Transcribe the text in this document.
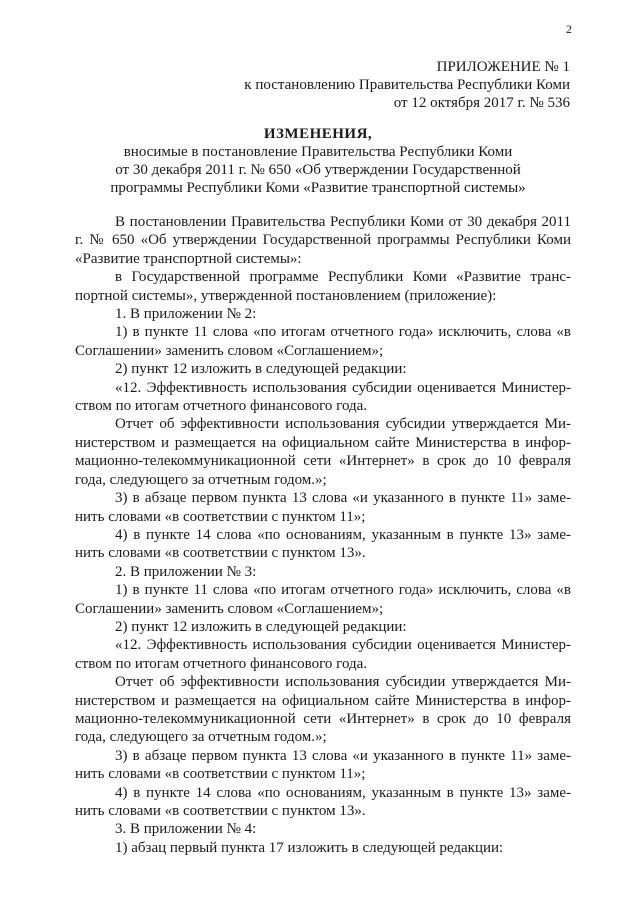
2
ПРИЛОЖЕНИЕ № 1
к постановлению Правительства Республики Коми
от 12 октября 2017 г. № 536
ИЗМЕНЕНИЯ,
вносимые в постановление Правительства Республики Коми
от 30 декабря 2011 г. № 650 «Об утверждении Государственной
программы Республики Коми «Развитие транспортной системы»

В постановлении Правительства Республики Коми от 30 декабря 2011 г. № 650 «Об утверждении Государственной программы Республики Коми «Развитие транспортной системы»:

в Государственной программе Республики Коми «Развитие транс-портной системы», утвержденной постановлением (приложение):

1. В приложении № 2:

1) в пункте 11 слова «по итогам отчетного года» исключить, слова «в Соглашении» заменить словом «Соглашением»;

2) пункт 12 изложить в следующей редакции:

«12. Эффективность использования субсидии оценивается Министер-ством по итогам отчетного финансового года.

Отчет об эффективности использования субсидии утверждается Ми-нистерством и размещается на официальном сайте Министерства в инфор-мационно-телекоммуникационной сети «Интернет» в срок до 10 февраля года, следующего за отчетным годом.»;

3) в абзаце первом пункта 13 слова «и указанного в пункте 11» заме-нить словами «в соответствии с пунктом 11»;

4) в пункте 14 слова «по основаниям, указанным в пункте 13» заме-нить словами «в соответствии с пунктом 13».

2. В приложении № 3:

1) в пункте 11 слова «по итогам отчетного года» исключить, слова «в Соглашении» заменить словом «Соглашением»;

2) пункт 12 изложить в следующей редакции:

«12. Эффективность использования субсидии оценивается Министер-ством по итогам отчетного финансового года.

Отчет об эффективности использования субсидии утверждается Ми-нистерством и размещается на официальном сайте Министерства в инфор-мационно-телекоммуникационной сети «Интернет» в срок до 10 февраля года, следующего за отчетным годом.»;

3) в абзаце первом пункта 13 слова «и указанного в пункте 11» заме-нить словами «в соответствии с пунктом 11»;

4) в пункте 14 слова «по основаниям, указанным в пункте 13» заме-нить словами «в соответствии с пунктом 13».

3. В приложении № 4:

1) абзац первый пункта 17 изложить в следующей редакции:
